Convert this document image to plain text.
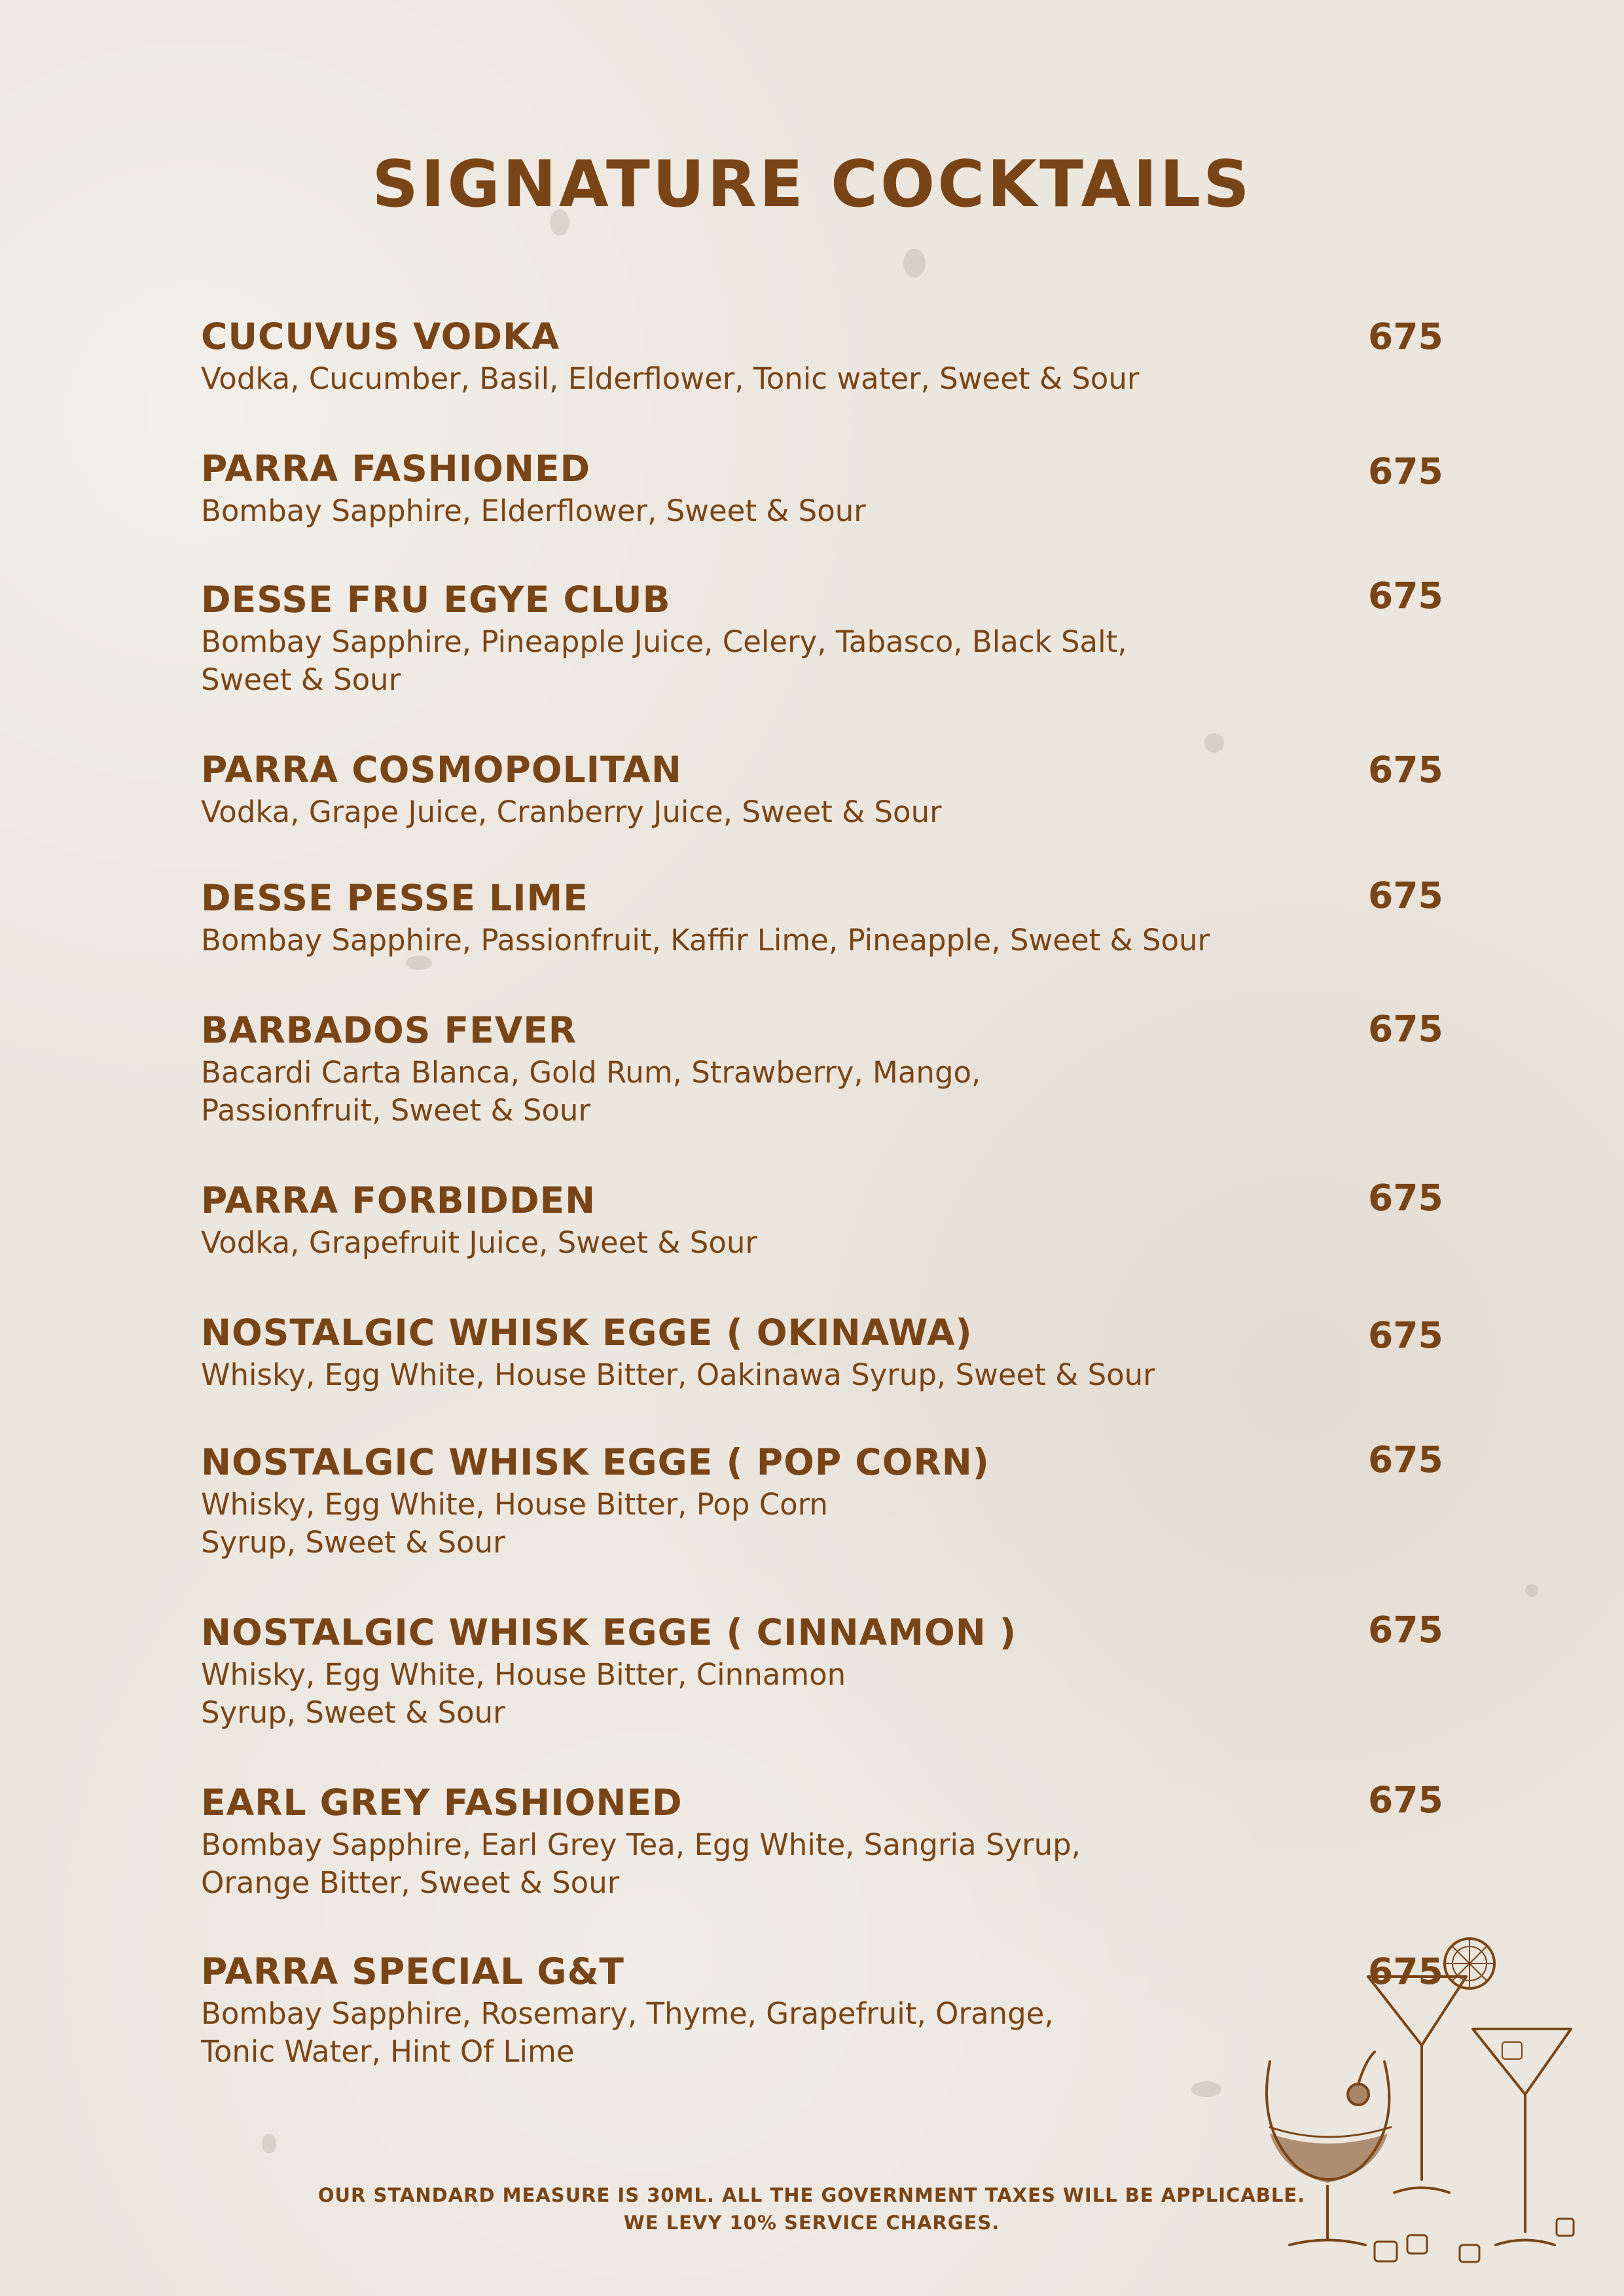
SIGNATURE COCKTAILS
CUCUVUS VODKA
Vodka, Cucumber, Basil, Elderflower, Tonic water, Sweet & Sour
675
PARRA FASHIONED
Bombay Sapphire, Elderflower, Sweet & Sour
675
DESSE FRU EGYE CLUB
Bombay Sapphire, Pineapple Juice, Celery, Tabasco, Black Salt,
Sweet & Sour
675
PARRA COSMOPOLITAN
Vodka, Grape Juice, Cranberry Juice, Sweet & Sour
675
DESSE PESSE LIME
Bombay Sapphire, Passionfruit, Kaffir Lime, Pineapple, Sweet & Sour
675
BARBADOS FEVER
Bacardi Carta Blanca, Gold Rum, Strawberry, Mango,
Passionfruit, Sweet & Sour
675
PARRA FORBIDDEN
Vodka, Grapefruit Juice, Sweet & Sour
675
NOSTALGIC WHISK EGGE ( OKINAWA)
Whisky, Egg White, House Bitter, Oakinawa Syrup, Sweet & Sour
675
NOSTALGIC WHISK EGGE ( POP CORN)
Whisky, Egg White, House Bitter, Pop Corn
Syrup, Sweet & Sour
675
NOSTALGIC WHISK EGGE ( CINNAMON )
Whisky, Egg White, House Bitter, Cinnamon
Syrup, Sweet & Sour
675
EARL GREY FASHIONED
Bombay Sapphire, Earl Grey Tea, Egg White, Sangria Syrup,
Orange Bitter, Sweet & Sour
675
PARRA SPECIAL G&T
Bombay Sapphire, Rosemary, Thyme, Grapefruit, Orange,
Tonic Water, Hint Of Lime
675
OUR STANDARD MEASURE IS 30ML. ALL THE GOVERNMENT TAXES WILL BE APPLICABLE.
WE LEVY 10% SERVICE CHARGES.
